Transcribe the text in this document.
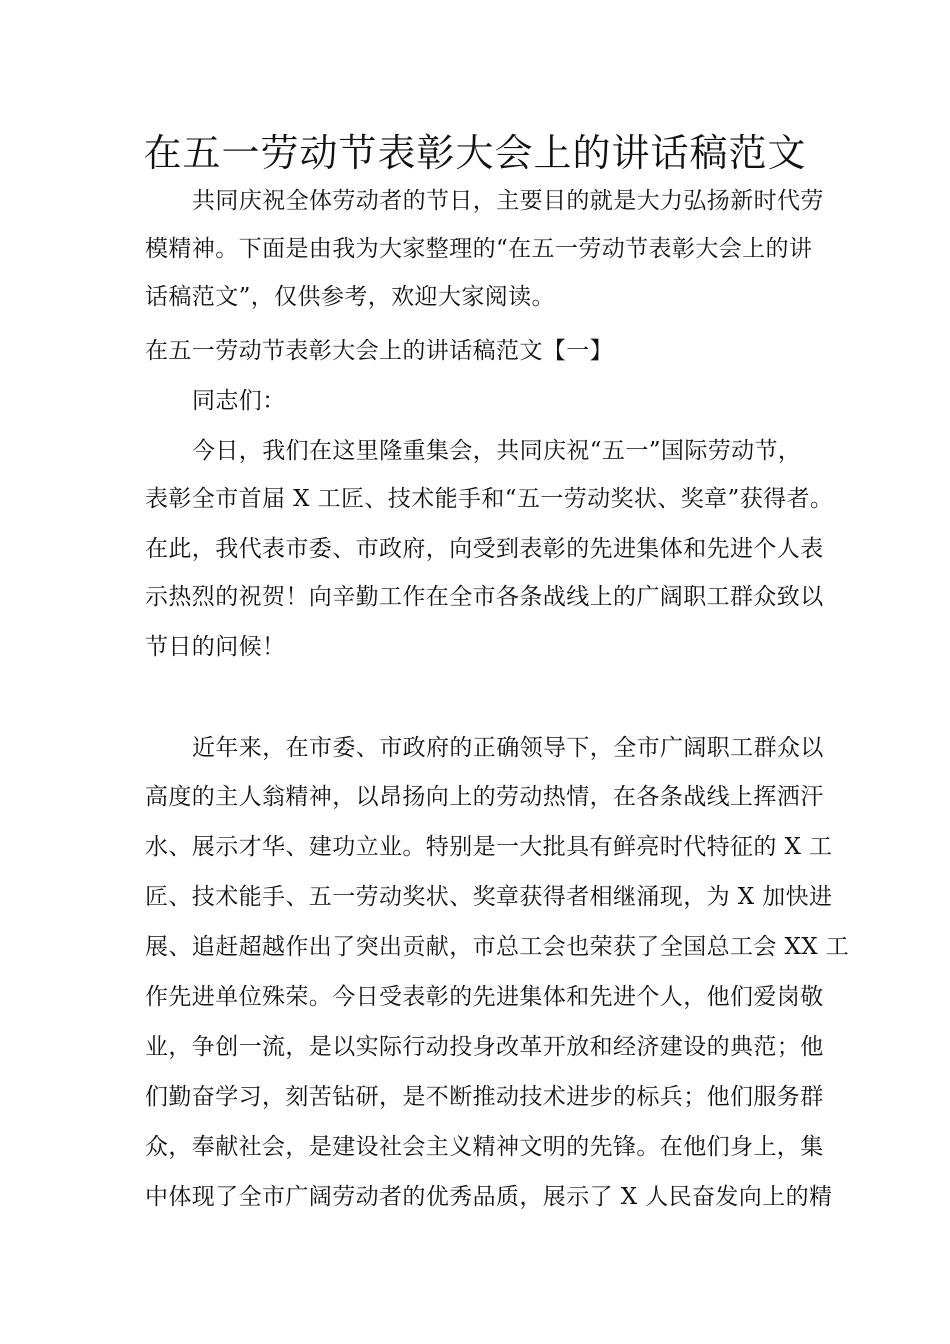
在五一劳动节表彰大会上的讲话稿范文
共同庆祝全体劳动者的节日，主要目的就是大力弘扬新时代劳
模精神。下面是由我为大家整理的“在五一劳动节表彰大会上的讲
话稿范文”，仅供参考，欢迎大家阅读。
在五一劳动节表彰大会上的讲话稿范文【一】
同志们：
今日，我们在这里隆重集会，共同庆祝“五一”国际劳动节，
表彰全市首届 X 工匠、技术能手和“五一劳动奖状、奖章”获得者。
在此，我代表市委、市政府，向受到表彰的先进集体和先进个人表
示热烈的祝贺！向辛勤工作在全市各条战线上的广阔职工群众致以
节日的问候！
近年来，在市委、市政府的正确领导下，全市广阔职工群众以
高度的主人翁精神，以昂扬向上的劳动热情，在各条战线上挥洒汗
水、展示才华、建功立业。特别是一大批具有鲜亮时代特征的 X 工
匠、技术能手、五一劳动奖状、奖章获得者相继涌现，为 X 加快进
展、追赶超越作出了突出贡献，市总工会也荣获了全国总工会 XX 工
作先进单位殊荣。今日受表彰的先进集体和先进个人，他们爱岗敬
业，争创一流，是以实际行动投身改革开放和经济建设的典范；他
们勤奋学习，刻苦钻研，是不断推动技术进步的标兵；他们服务群
众，奉献社会，是建设社会主义精神文明的先锋。在他们身上，集
中体现了全市广阔劳动者的优秀品质，展示了 X 人民奋发向上的精
